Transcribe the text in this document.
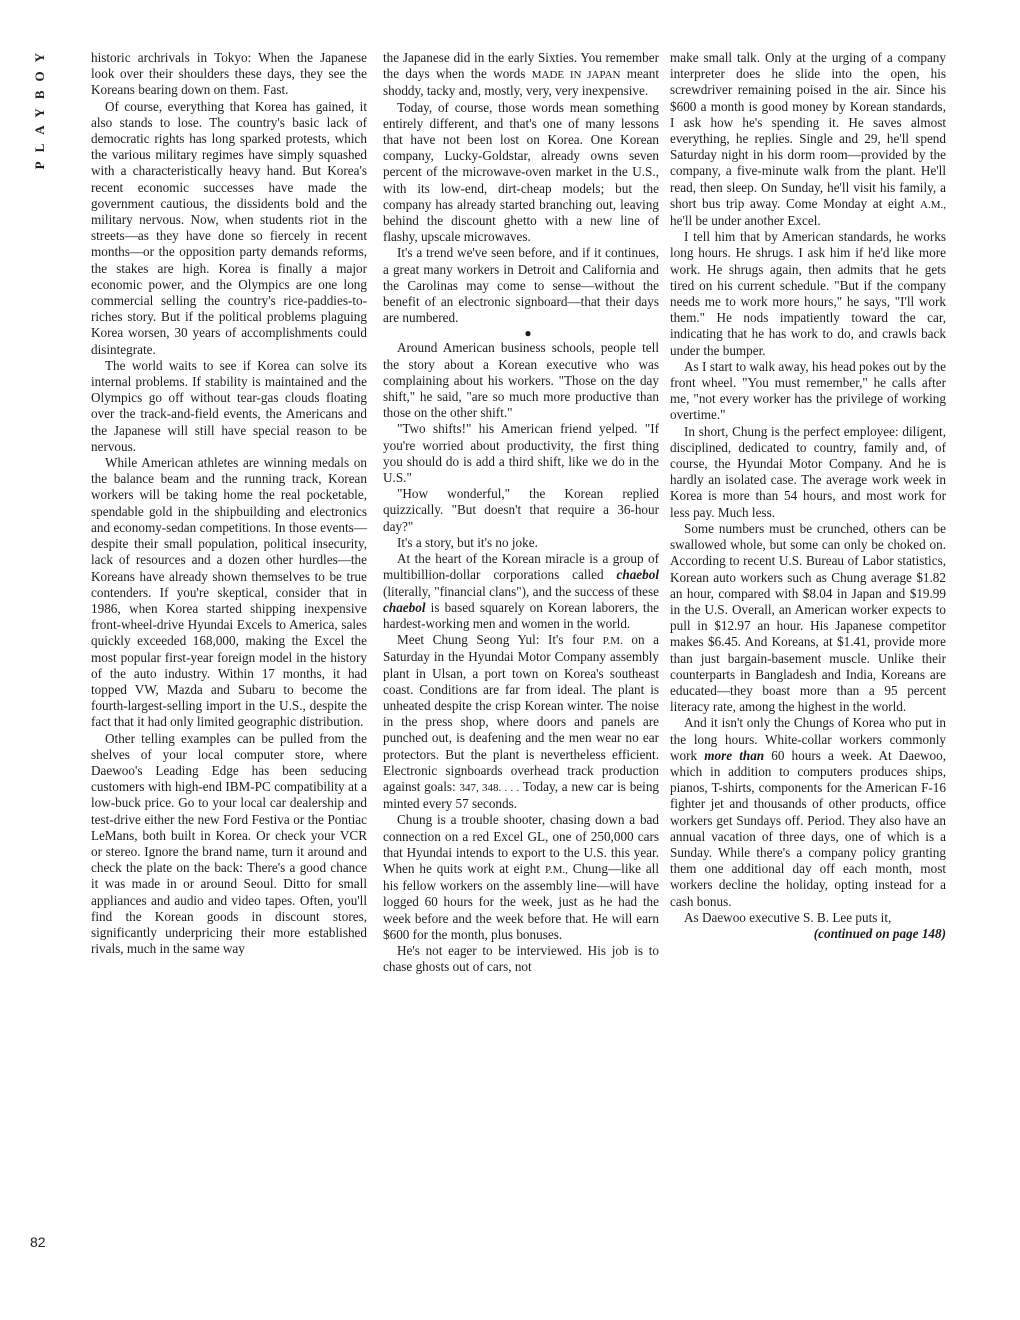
PLAYBOY
82

historic archrivals in Tokyo: When the Japanese look over their shoulders these days, they see the Koreans bearing down on them. Fast.

Of course, everything that Korea has gained, it also stands to lose. The country's basic lack of democratic rights has long sparked protests, which the various military regimes have simply squashed with a characteristically heavy hand. But Korea's recent economic successes have made the government cautious, the dissidents bold and the military nervous. Now, when students riot in the streets—as they have done so fiercely in recent months—or the opposition party demands reforms, the stakes are high. Korea is finally a major economic power, and the Olympics are one long commercial selling the country's rice-paddies-to-riches story. But if the political problems plaguing Korea worsen, 30 years of accomplishments could disintegrate.

The world waits to see if Korea can solve its internal problems. If stability is maintained and the Olympics go off without tear-gas clouds floating over the track-and-field events, the Americans and the Japanese will still have special reason to be nervous.

While American athletes are winning medals on the balance beam and the running track, Korean workers will be taking home the real pocketable, spendable gold in the shipbuilding and electronics and economy-sedan competitions. In those events—despite their small population, political insecurity, lack of resources and a dozen other hurdles—the Koreans have already shown themselves to be true contenders. If you're skeptical, consider that in 1986, when Korea started shipping inexpensive front-wheel-drive Hyundai Excels to America, sales quickly exceeded 168,000, making the Excel the most popular first-year foreign model in the history of the auto industry. Within 17 months, it had topped VW, Mazda and Subaru to become the fourth-largest-selling import in the U.S., despite the fact that it had only limited geographic distribution.

Other telling examples can be pulled from the shelves of your local computer store, where Daewoo's Leading Edge has been seducing customers with high-end IBM-PC compatibility at a low-buck price. Go to your local car dealership and test-drive either the new Ford Festiva or the Pontiac LeMans, both built in Korea. Or check your VCR or stereo. Ignore the brand name, turn it around and check the plate on the back: There's a good chance it was made in or around Seoul. Ditto for small appliances and audio and video tapes. Often, you'll find the Korean goods in discount stores, significantly underpricing their more established rivals, much in the same way

the Japanese did in the early Sixties. You remember the days when the words MADE IN JAPAN meant shoddy, tacky and, mostly, very, very inexpensive.

Today, of course, those words mean something entirely different, and that's one of many lessons that have not been lost on Korea. One Korean company, Lucky-Goldstar, already owns seven percent of the microwave-oven market in the U.S., with its low-end, dirt-cheap models; but the company has already started branching out, leaving behind the discount ghetto with a new line of flashy, upscale microwaves.

It's a trend we've seen before, and if it continues, a great many workers in Detroit and California and the Carolinas may come to sense—without the benefit of an electronic signboard—that their days are numbered.

●

Around American business schools, people tell the story about a Korean executive who was complaining about his workers. "Those on the day shift," he said, "are so much more productive than those on the other shift."

"Two shifts!" his American friend yelped. "If you're worried about productivity, the first thing you should do is add a third shift, like we do in the U.S."

"How wonderful," the Korean replied quizzically. "But doesn't that require a 36-hour day?"

It's a story, but it's no joke.

At the heart of the Korean miracle is a group of multibillion-dollar corporations called chaebol (literally, "financial clans"), and the success of these chaebol is based squarely on Korean laborers, the hardest-working men and women in the world.

Meet Chung Seong Yul: It's four P.M. on a Saturday in the Hyundai Motor Company assembly plant in Ulsan, a port town on Korea's southeast coast. Conditions are far from ideal. The plant is unheated despite the crisp Korean winter. The noise in the press shop, where doors and panels are punched out, is deafening and the men wear no ear protectors. But the plant is nevertheless efficient. Electronic signboards overhead track production against goals: 347, 348. . . . Today, a new car is being minted every 57 seconds.

Chung is a trouble shooter, chasing down a bad connection on a red Excel GL, one of 250,000 cars that Hyundai intends to export to the U.S. this year. When he quits work at eight P.M., Chung—like all his fellow workers on the assembly line—will have logged 60 hours for the week, just as he had the week before and the week before that. He will earn $600 for the month, plus bonuses.

He's not eager to be interviewed. His job is to chase ghosts out of cars, not

make small talk. Only at the urging of a company interpreter does he slide into the open, his screwdriver remaining poised in the air. Since his $600 a month is good money by Korean standards, I ask how he's spending it. He saves almost everything, he replies. Single and 29, he'll spend Saturday night in his dorm room—provided by the company, a five-minute walk from the plant. He'll read, then sleep. On Sunday, he'll visit his family, a short bus trip away. Come Monday at eight A.M., he'll be under another Excel.

I tell him that by American standards, he works long hours. He shrugs. I ask him if he'd like more work. He shrugs again, then admits that he gets tired on his current schedule. "But if the company needs me to work more hours," he says, "I'll work them." He nods impatiently toward the car, indicating that he has work to do, and crawls back under the bumper.

As I start to walk away, his head pokes out by the front wheel. "You must remember," he calls after me, "not every worker has the privilege of working overtime."

In short, Chung is the perfect employee: diligent, disciplined, dedicated to country, family and, of course, the Hyundai Motor Company. And he is hardly an isolated case. The average work week in Korea is more than 54 hours, and most work for less pay. Much less.

Some numbers must be crunched, others can be swallowed whole, but some can only be choked on. According to recent U.S. Bureau of Labor statistics, Korean auto workers such as Chung average $1.82 an hour, compared with $8.04 in Japan and $19.99 in the U.S. Overall, an American worker expects to pull in $12.97 an hour. His Japanese competitor makes $6.45. And Koreans, at $1.41, provide more than just bargain-basement muscle. Unlike their counterparts in Bangladesh and India, Koreans are educated—they boast more than a 95 percent literacy rate, among the highest in the world.

And it isn't only the Chungs of Korea who put in the long hours. White-collar workers commonly work more than 60 hours a week. At Daewoo, which in addition to computers produces ships, pianos, T-shirts, components for the American F-16 fighter jet and thousands of other products, office workers get Sundays off. Period. They also have an annual vacation of three days, one of which is a Sunday. While there's a company policy granting them one additional day off each month, most workers decline the holiday, opting instead for a cash bonus.

As Daewoo executive S. B. Lee puts it,

(continued on page 148)
